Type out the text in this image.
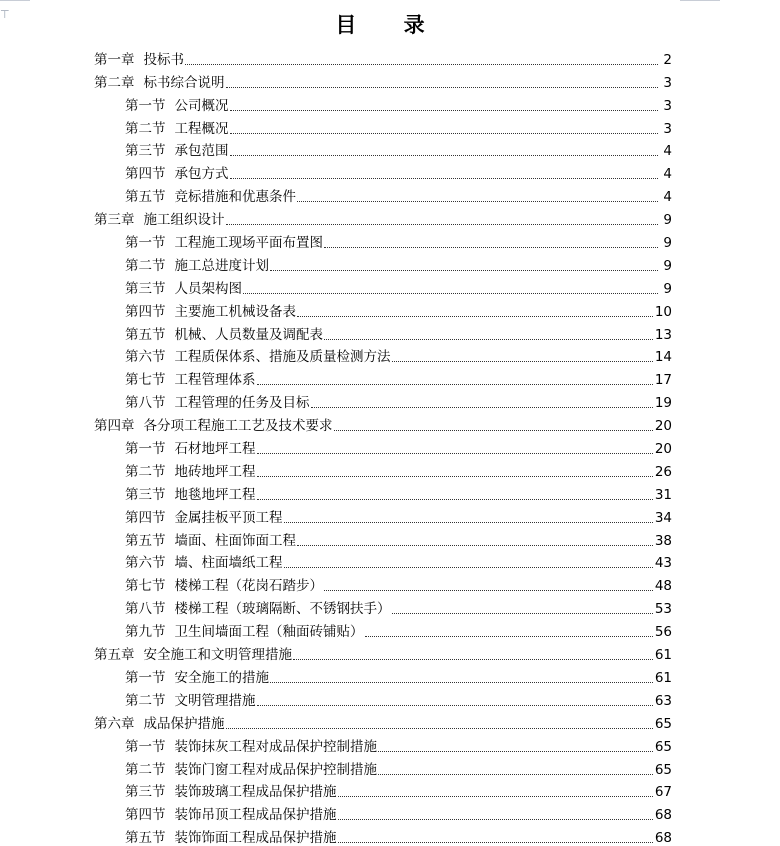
⊤	目 录
第一章 投标书	2
第二章 标书综合说明	3
第一节 公司概况	3
第二节 工程概况	3
第三节 承包范围	4
第四节 承包方式	4
第五节 竞标措施和优惠条件	4
第三章 施工组织设计	9
第一节 工程施工现场平面布置图	9
第二节 施工总进度计划	9
第三节 人员架构图	9
第四节 主要施工机械设备表	10
第五节 机械、人员数量及调配表	13
第六节 工程质保体系、措施及质量检测方法	14
第七节 工程管理体系	17
第八节 工程管理的任务及目标	19
第四章 各分项工程施工工艺及技术要求	20
第一节 石材地坪工程	20
第二节 地砖地坪工程	26
第三节 地毯地坪工程	31
第四节 金属挂板平顶工程	34
第五节 墙面、柱面饰面工程	38
第六节 墙、柱面墙纸工程	43
第七节 楼梯工程（花岗石踏步）	48
第八节 楼梯工程（玻璃隔断、不锈钢扶手）	53
第九节 卫生间墙面工程（釉面砖铺贴）	56
第五章 安全施工和文明管理措施	61
第一节 安全施工的措施	61
第二节 文明管理措施	63
第六章 成品保护措施	65
第一节 装饰抹灰工程对成品保护控制措施	65
第二节 装饰门窗工程对成品保护控制措施	65
第三节 装饰玻璃工程成品保护措施	67
第四节 装饰吊顶工程成品保护措施	68
第五节 装饰饰面工程成品保护措施	68
